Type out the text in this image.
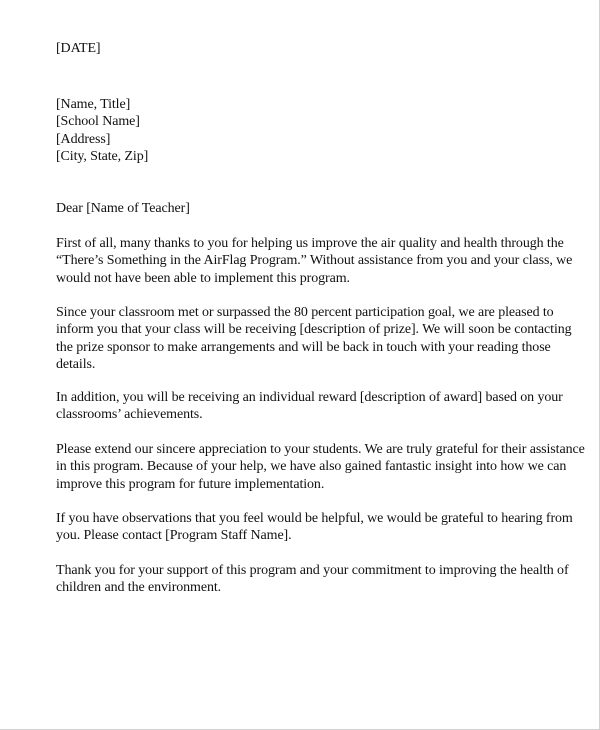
[DATE]
[Name, Title]
[School Name]
[Address]
[City, State, Zip]
Dear [Name of Teacher]
First of all, many thanks to you for helping us improve the air quality and health through the
“There’s Something in the AirFlag Program.” Without assistance from you and your class, we
would not have been able to implement this program.
Since your classroom met or surpassed the 80 percent participation goal, we are pleased to
inform you that your class will be receiving [description of prize]. We will soon be contacting
the prize sponsor to make arrangements and will be back in touch with your reading those
details.
In addition, you will be receiving an individual reward [description of award] based on your
classrooms’ achievements.
Please extend our sincere appreciation to your students. We are truly grateful for their assistance
in this program. Because of your help, we have also gained fantastic insight into how we can
improve this program for future implementation.
If you have observations that you feel would be helpful, we would be grateful to hearing from
you. Please contact [Program Staff Name].
Thank you for your support of this program and your commitment to improving the health of
children and the environment.
